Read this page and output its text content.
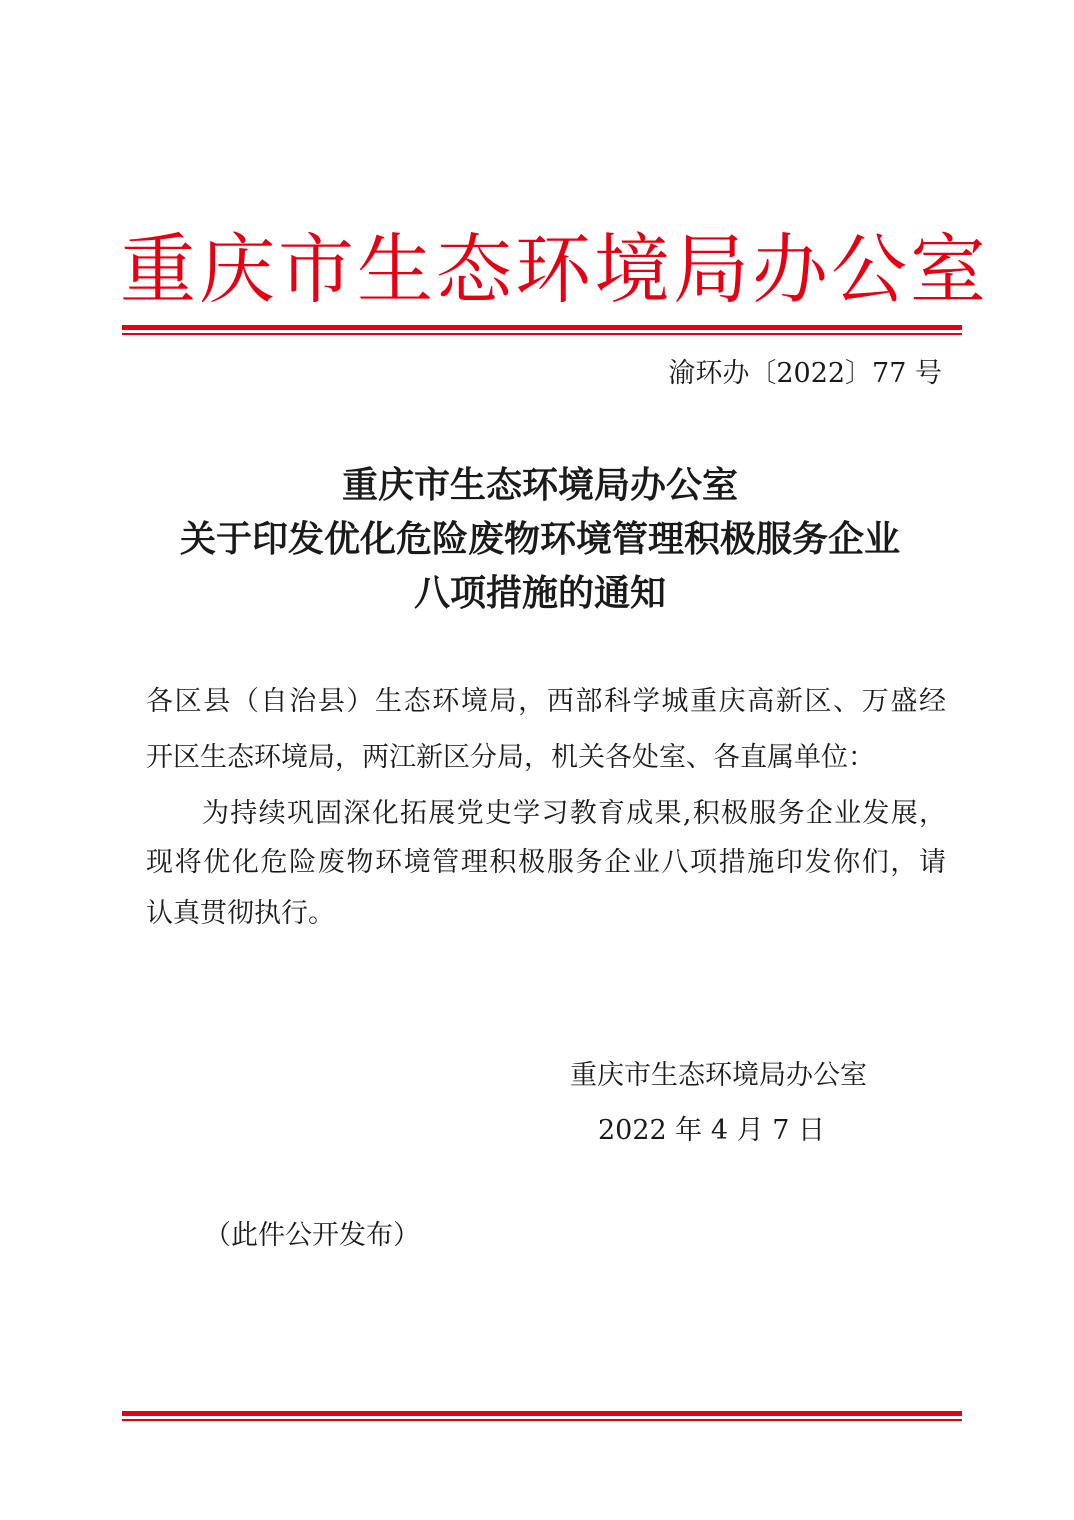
重庆市生态环境局办公室
渝环办〔2022〕77 号
重庆市生态环境局办公室
关于印发优化危险废物环境管理积极服务企业
八项措施的通知
各区县（自治县）生态环境局，西部科学城重庆高新区、万盛经
开区生态环境局，两江新区分局，机关各处室、各直属单位：
为持续巩固深化拓展党史学习教育成果,积极服务企业发展，
现将优化危险废物环境管理积极服务企业八项措施印发你们，请
认真贯彻执行。
重庆市生态环境局办公室
2022 年 4 月 7 日
（此件公开发布）
